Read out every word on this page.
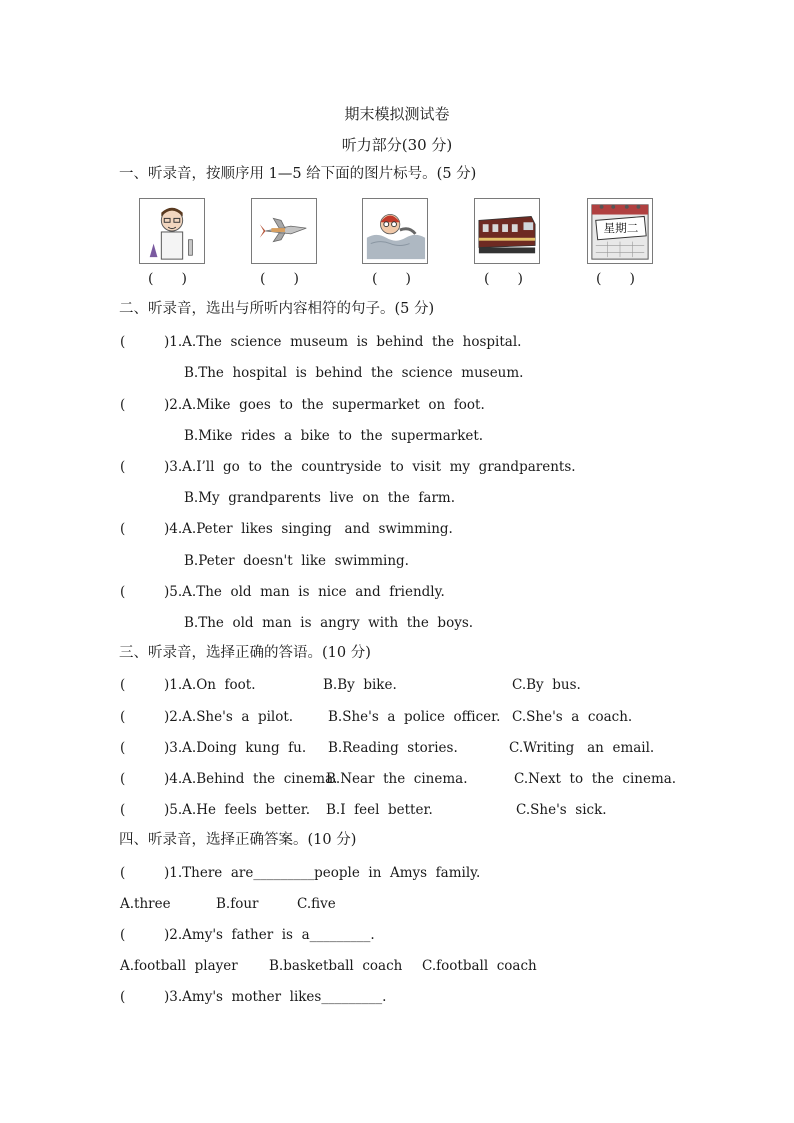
期末模拟测试卷
听力部分(30 分)
一、听录音，按顺序用 1—5 给下面的图片标号。(5 分)
星期二
(　　)	(　　)	(　　)	(　　)	(　　)
二、听录音，选出与所听内容相符的句子。(5 分)
(	)1.A.The  science  museum  is  behind  the  hospital.
B.The  hospital  is  behind  the  science  museum.
(	)2.A.Mike  goes  to  the  supermarket  on  foot.
B.Mike  rides  a  bike  to  the  supermarket.
(	)3.A.I’ll  go  to  the  countryside  to  visit  my  grandparents.
B.My  grandparents  live  on  the  farm.
(	)4.A.Peter  likes  singing   and  swimming.
B.Peter  doesn't  like  swimming.
(	)5.A.The  old  man  is  nice  and  friendly.
B.The  old  man  is  angry  with  the  boys.
三、听录音，选择正确的答语。(10 分)
(	)1.A.On  foot.	B.By  bike.	C.By  bus.
(	)2.A.She's  a  pilot.	B.She's  a  police  officer. C.She's  a  coach.
(	)3.A.Doing  kung  fu. B.Reading  stories.	C.Writing   an  email.
(	)4.A.Behind  the  cinema.
B.Near  the  cinema.	C.Next  to  the  cinema.
(	)5.A.He  feels  better. B.I  feel  better.	C.She's  sick.
四、听录音，选择正确答案。(10 分)
(	)1.There  are_________people  in  Amys  family.
A.three	B.four	C.five
(	)2.Amy's  father  is  a_________.
A.football  player B.basketball  coach C.football  coach
(	)3.Amy's  mother  likes_________.
